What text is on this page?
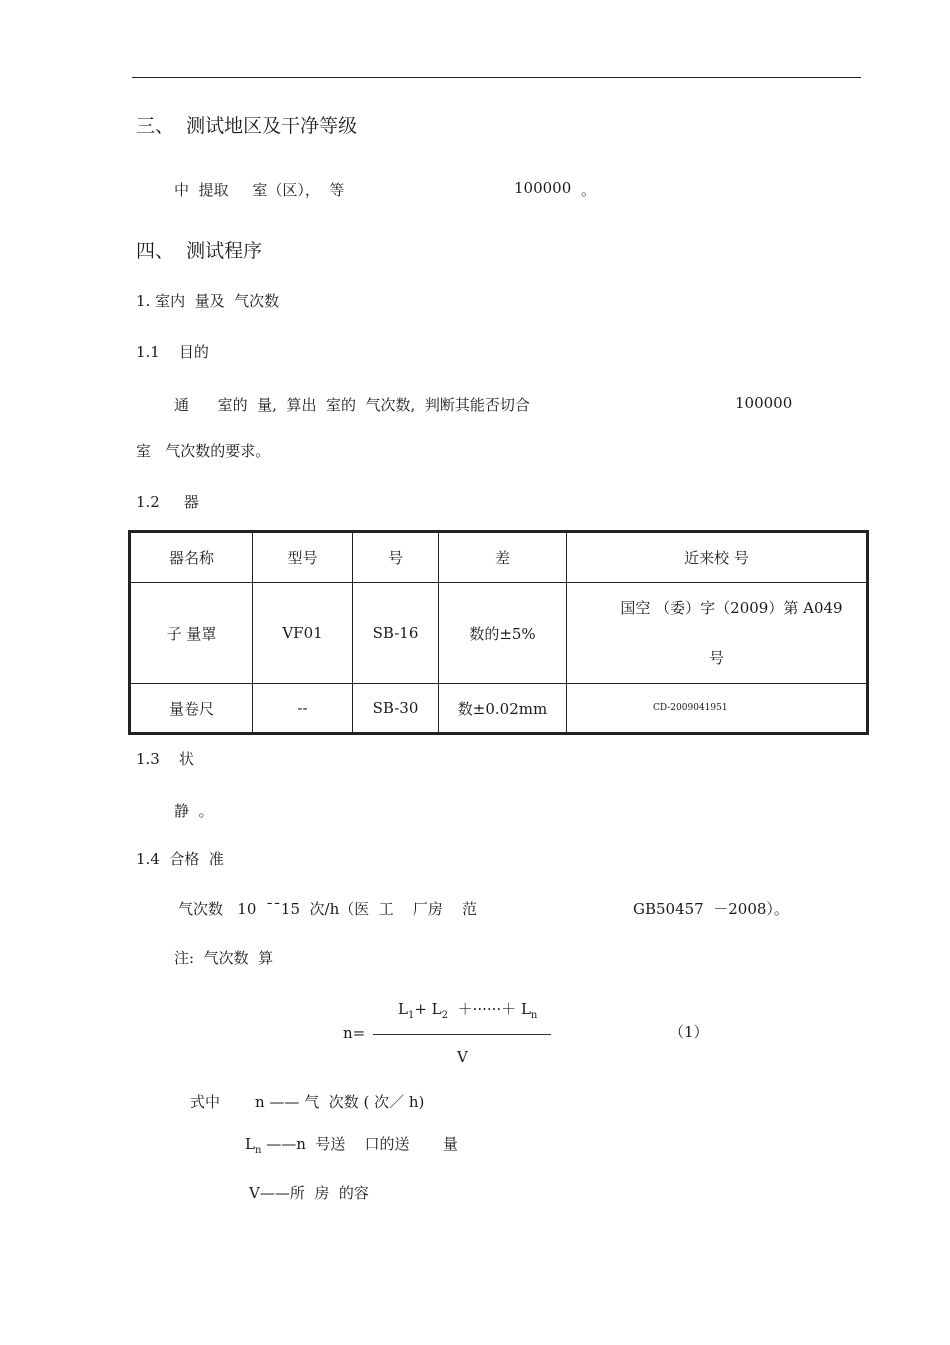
三、  测试地区及干净等级
中  提取     室（区），  等	100000 。
四、  测试程序
1. 室内  量及  气次数
1.1    目的
通      室的  量,  算出  室的  气次数,  判断其能否切合	100000
室   气次数的要求。
1.2     器
器名称	型号	号	差	近来校 号
子 量罩	VF01	SB-16	数的±5%	国空 （委）字（2009）第 A049
号

量卷尺	--	SB-30	数±0.02mm	CD-2009041951
1.3    状
静  。
1.4  合格  准
气次数   10  ¯¯15  次/h（医  工    厂房    范	GB50457  －2008）。
注:  气次数  算
$L_1+ L_2$  ＋······＋ $L_n$
n=
V
（1）
式中 n —— 气  次数 ( 次／ h)
$L_n$ ——n  号送    口的送       量
V——所  房  的容
